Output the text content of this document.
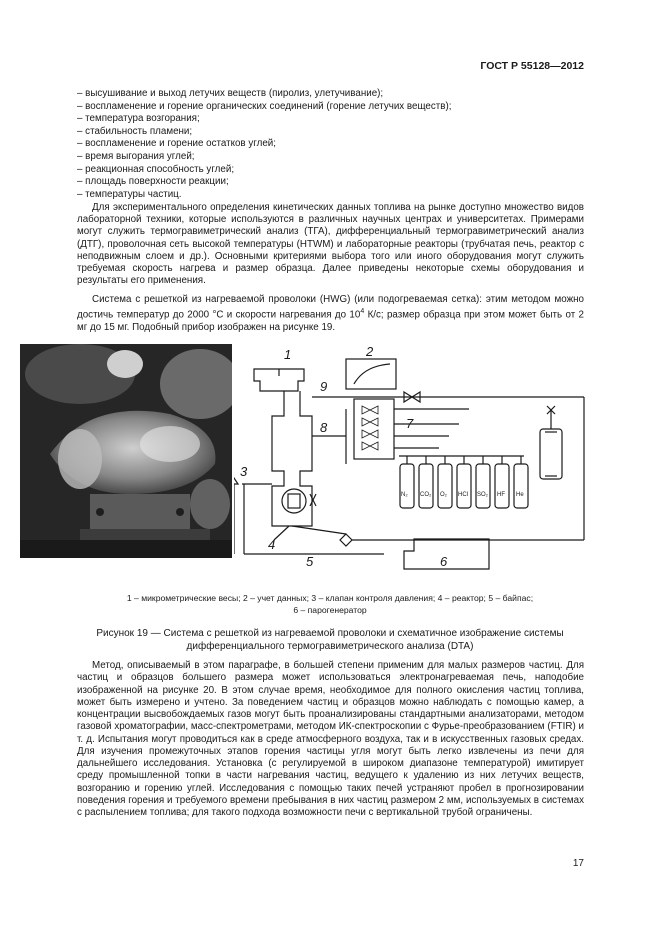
ГОСТ Р 55128—2012
– высушивание и выход летучих веществ (пиролиз, улетучивание);
– воспламенение и горение органических соединений (горение летучих веществ);
– температура возгорания;
– стабильность пламени;
– воспламенение и горение остатков углей;
– время выгорания углей;
– реакционная способность углей;
– площадь поверхности реакции;
– температуры частиц.

Для экспериментального определения кинетических данных топлива на рынке доступно множество видов лабораторной техники, которые используются в различных научных центрах и университетах. Примерами могут служить термогравиметрический анализ (ТГА), дифференциальный термогравиметрический анализ (ДТГ), проволочная сеть высокой температуры (HTWM) и лабораторные реакторы (трубчатая печь, реактор с неподвижным слоем и др.). Основными критериями выбора того или иного оборудования могут служить требуемая скорость нагрева и размер образца. Далее приведены некоторые схемы оборудования и результаты его применения.

Система с решеткой из нагреваемой проволоки (HWG) (или подогреваемая сетка): этим методом можно достичь температур до 2000 °С и скорости нагревания до $10^4$ К/с; размер образца при этом может быть от 2 мг до 15 мг. Подобный прибор изображен на рисунке 19.

1	2
3
4
5	6
7
8
9
N₂ CO₂ O₂ HCl SO₂ HF He
1 – микрометрические весы; 2 – учет данных; 3 – клапан контроля давления; 4 – реактор; 5 – байпас;
6 – парогенератор
Рисунок 19 — Система с решеткой из нагреваемой проволоки и схематичное изображение системы
дифференциального термогравиметрического анализа (DTA)

Метод, описываемый в этом параграфе, в большей степени применим для малых размеров частиц. Для частиц и образцов большего размера может использоваться электронагреваемая печь, наподобие изображенной на рисунке 20. В этом случае время, необходимое для полного окисления частиц топлива, может быть измерено и учтено. За поведением частиц и образцов можно наблюдать с помощью камер, а концентрации высвобождаемых газов могут быть проанализированы стандартными анализаторами, методом газовой хроматографии, масс-спектрометрами, методом ИК-спектроскопии с Фурье-преобразованием (FTIR) и т. д. Испытания могут проводиться как в среде атмосферного воздуха, так и в искусственных газовых средах. Для изучения промежуточных этапов горения частицы угля могут быть легко извлечены из печи для дальнейшего исследования. Установка (с регулируемой в широком диапазоне температурой) имитирует среду промышленной топки в части нагревания частиц, ведущего к удалению из них летучих веществ, возгоранию и горению углей. Исследования с помощью таких печей устраняют пробел в прогнозировании поведения горения и требуемого времени пребывания в них частиц размером 2 мм, используемых в системах с распылением топлива; для такого подхода возможности печи с вертикальной трубой ограничены.

17
